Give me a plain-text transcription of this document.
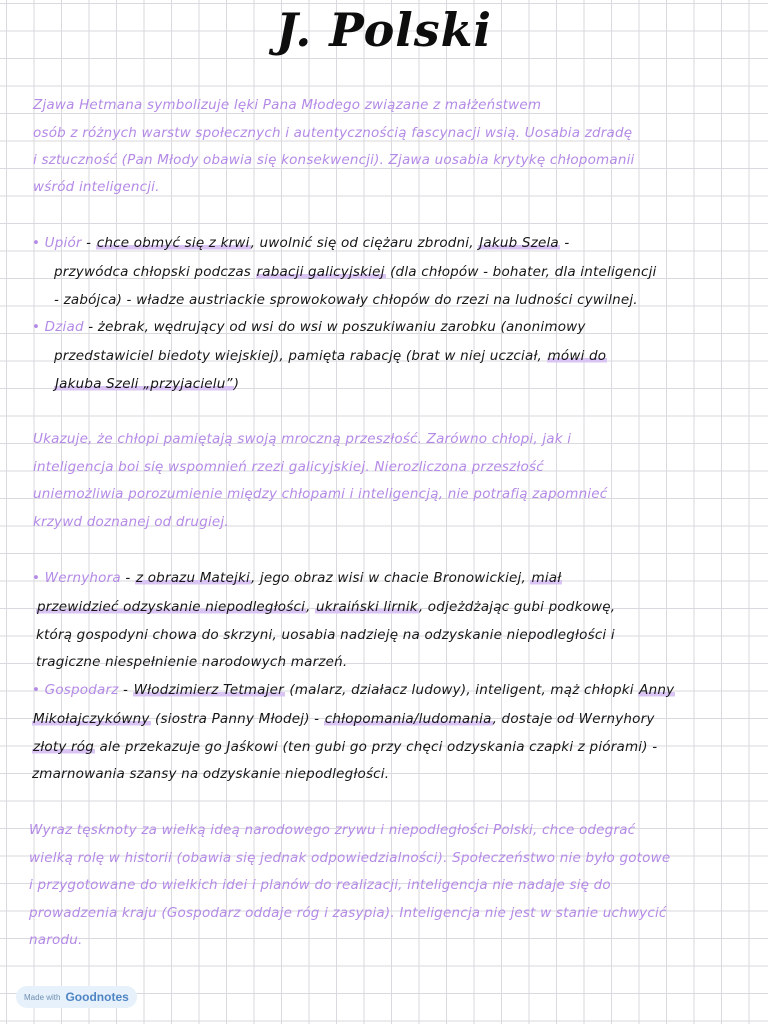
J. Polski
Zjawa Hetmana symbolizuje lęki Pana Młodego związane z małżeństwem
osób z różnych warstw społecznych i autentycznością fascynacji wsią. Uosabia zdradę
i sztuczność (Pan Młody obawia się konsekwencji). Zjawa uosabia krytykę chłopomanii
wśród inteligencji.
• Upiór - chce obmyć się z krwi, uwolnić się od ciężaru zbrodni, Jakub Szela -
przywódca chłopski podczas rabacji galicyjskiej (dla chłopów - bohater, dla inteligencji
- zabójca) - władze austriackie sprowokowały chłopów do rzezi na ludności cywilnej.
• Dziad - żebrak, wędrujący od wsi do wsi w poszukiwaniu zarobku (anonimowy
przedstawiciel biedoty wiejskiej), pamięta rabację (brat w niej uczciał, mówi do
Jakuba Szeli „przyjacielu”)
Ukazuje, że chłopi pamiętają swoją mroczną przeszłość. Zarówno chłopi, jak i
inteligencja boi się wspomnień rzezi galicyjskiej. Nierozliczona przeszłość
uniemożliwia porozumienie między chłopami i inteligencją, nie potrafią zapomnieć
krzywd doznanej od drugiej.
• Wernyhora - z obrazu Matejki, jego obraz wisi w chacie Bronowickiej, miał
przewidzieć odzyskanie niepodległości, ukraiński lirnik, odjeżdżając gubi podkowę,
którą gospodyni chowa do skrzyni, uosabia nadzieję na odzyskanie niepodległości i
tragiczne niespełnienie narodowych marzeń.
• Gospodarz - Włodzimierz Tetmajer (malarz, działacz ludowy), inteligent, mąż chłopki Anny
Mikołajczykówny (siostra Panny Młodej) - chłopomania/ludomania, dostaje od Wernyhory
złoty róg ale przekazuje go Jaśkowi (ten gubi go przy chęci odzyskania czapki z piórami) -
zmarnowania szansy na odzyskanie niepodległości.
Wyraz tęsknoty za wielką ideą narodowego zrywu i niepodległości Polski, chce odegrać
wielką rolę w historii (obawia się jednak odpowiedzialności). Społeczeństwo nie było gotowe
i przygotowane do wielkich idei i planów do realizacji, inteligencja nie nadaje się do
prowadzenia kraju (Gospodarz oddaje róg i zasypia). Inteligencja nie jest w stanie uchwycić
narodu.
Made with Goodnotes
